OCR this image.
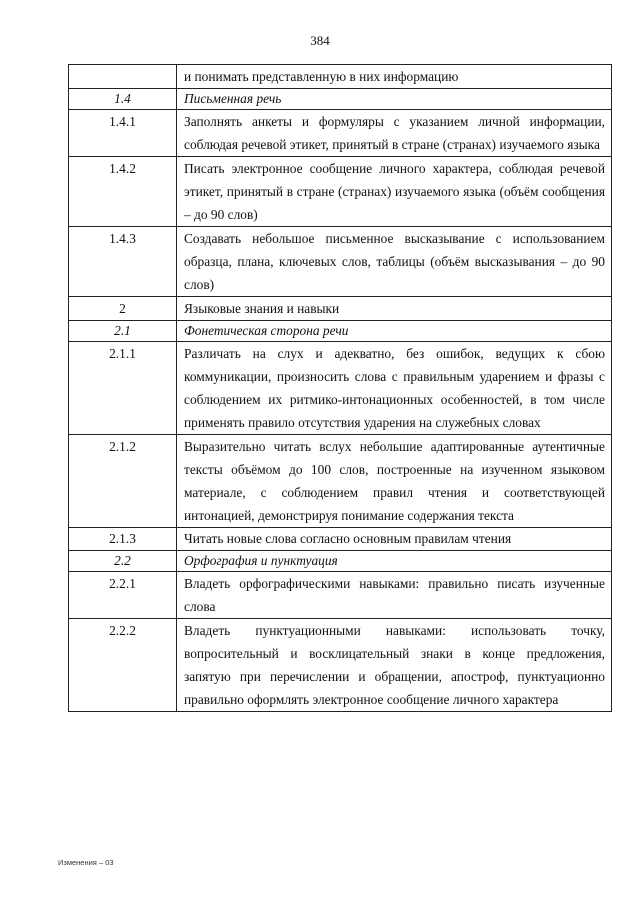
384
	и понимать представленную в них информацию
1.4	Письменная речь
1.4.1	Заполнять анкеты и формуляры с указанием личной информации, соблюдая речевой этикет, принятый в стране (странах) изучаемого языка
1.4.2	Писать электронное сообщение личного характера, соблюдая речевой этикет, принятый в стране (странах) изучаемого языка (объём сообщения – до 90 слов)
1.4.3	Создавать небольшое письменное высказывание с использованием образца, плана, ключевых слов, таблицы (объём высказывания – до 90 слов)
2	Языковые знания и навыки
2.1	Фонетическая сторона речи
2.1.1	Различать на слух и адекватно, без ошибок, ведущих к сбою коммуникации, произносить слова с правильным ударением и фразы с соблюдением их ритмико-интонационных особенностей, в том числе применять правило отсутствия ударения на служебных словах
2.1.2	Выразительно читать вслух небольшие адаптированные аутентичные тексты объёмом до 100 слов, построенные на изученном языковом материале, с соблюдением правил чтения и соответствующей интонацией, демонстрируя понимание содержания текста
2.1.3	Читать новые слова согласно основным правилам чтения
2.2	Орфография и пунктуация
2.2.1	Владеть орфографическими навыками: правильно писать изученные слова
2.2.2	Владеть пунктуационными навыками: использовать точку, вопросительный и восклицательный знаки в конце предложения, запятую при перечислении и обращении, апостроф, пунктуационно правильно оформлять электронное сообщение личного характера
Изменения – 03
